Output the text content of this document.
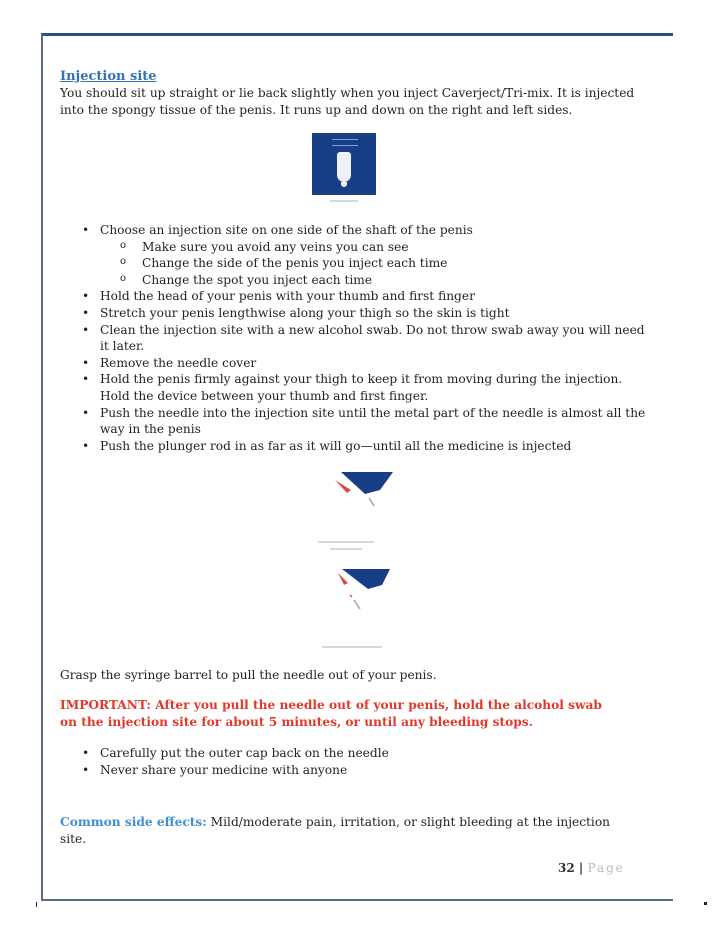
Injection site

You should sit up straight or lie back slightly when you inject Caverject/Tri-mix. It is injected into the spongy tissue of the penis. It runs up and down on the right and left sides.

• Choose an injection site on one side of the shaft of the penis
o Make sure you avoid any veins you can see
o Change the side of the penis you inject each time
o Change the spot you inject each time
• Hold the head of your penis with your thumb and first finger
• Stretch your penis lengthwise along your thigh so the skin is tight
• Clean the injection site with a new alcohol swab. Do not throw swab away you will need it later.
• Remove the needle cover
• Hold the penis firmly against your thigh to keep it from moving during the injection. Hold the device between your thumb and first finger.
• Push the needle into the injection site until the metal part of the needle is almost all the way in the penis
• Push the plunger rod in as far as it will go—until all the medicine is injected
Grasp the syringe barrel to pull the needle out of your penis.
IMPORTANT: After you pull the needle out of your penis, hold the alcohol swab on the injection site for about 5 minutes, or until any bleeding stops.
• Carefully put the outer cap back on the needle
• Never share your medicine with anyone
Common side effects: Mild/moderate pain, irritation, or slight bleeding at the injection site.
32 | Page
